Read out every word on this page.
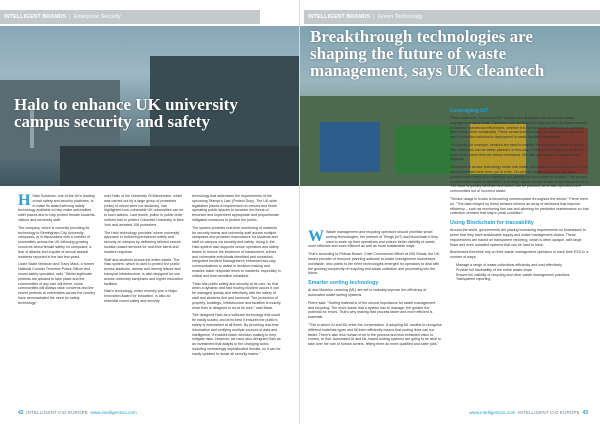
INTELLIGENT BRANDS | Enterprise Security
Halo to enhance UK university campus security and safety

H Halo Solutions, one of the UK's leading crowd safety and security platforms, is to make its award-winning safety technology available to help make universities safer places and to help protect female students, visitors and university staff.

The company, which is currently providing its technology to Birmingham City University campuses, is in discussions with a number of universities across the UK following growing concerns about female safety on campuses, a fear of attacks and a spate of sexual assault incidents reported in the last few years.

Lizzie Skate Meldrum and Tracy Mack, a former National Counter Terrorism Police Officer and crowd safety specialist, said: "Whilst legitimate protests are allowed to take place and the communities of any size will thrive, some communities will always raise concerns and the recent protests at universities across the country have demonstrated the need for safety technology."

over Halls of the University Of Manchester, which was carried out by a large group of protesters (many of whom were not students), has highlighted how vulnerable UK universities can be to such actions. Last month, police in public order uniform had to protect Columbia University in New York and arrested 108 protesters.

The Halo technology provides 'where university' approach to bolstering enhanced safety and security on campus by delivering tailored secure location-based services for real-time alerts and incident response.

Staff and students across the entire estate. The Halo system, which is used to protect the public across stadiums, arenas and among leisure and transport infrastructure, is also designed for use across university campuses and higher education facilities.

Halo's technology, which recently won a Major Innovation Award for education, is also an essential crowd safety and security

technology that addresses the requirements of the upcoming 'Martyn's Law' (Protect Duty). The UK-wide legislation places a requirement on venues and those operating public spaces to consider the threat of terrorism and implement appropriate and proportionate mitigation measures to protect the public.

The system provides real-time monitoring of incidents for security teams and university staff across multiple campuses and provides reassurance for students and staff on campus via security and safety. Using it, the Halo system also supports venue operators and safety teams to reduce the incidence of harassment, crimes and vulnerable individuals identified and contacted; Integrated Incident Management; enhanced two-way communications to assist in decision-making and enables faster response times to incidents, especially in critical and time-sensitive situations.

"Halo has public safety and security at its core, so that when a dynamic and fast moving incident occurs it can be managed quickly and effectively with the safety of staff and students first and foremost. The protection of property, buildings, infrastructure and facilities is exactly what Halo is designed to do at its core," said Mack.

"We designed Halo as a software technology that could be easily scaled, and at its best it ensures the public's safety is maintained at all times. By providing real-time information and verifying multiple sources of data and intelligence, it enables faster decision-making to help mitigate risks. However, we have also designed Halo as an investment that adapts to the changing world, including increasingly sophisticated threats, so it can be easily updated to assist all security teams."

42 INTELLIGENT CIO EUROPE www.intelligentcio.com
INTELLIGENT BRANDS | Green Technology
Breakthrough technologies are shaping the future of waste management, says UK cleantech

W Waste management and recycling operators should prioritise smart sorting technologies, the Internet of Things (IoT) and blockchain if they want to scale up their operations and ensure better visibility of waste, more effective and more efficient as well as more sustainable ways.

That's according to Pelican Bower, Chief Commercial Officer at ISB Global, the UK-based provider of resource planning software to waste management businesses worldwide, who points to the three technologies emerged for operators to deal with the growing complexity of recycling and waste collection and processing into the future.

Smarter sorting technology

AI and Machine Learning (ML) are set to radically improve the efficiency of automated waste sorting systems.

Pierre said: "Sorting material is of the utmost importance for waste management and recycling. The more waste that a system has to manage, the greater the potential for errors. That's why making that process faster and more efficient is essential.

"This is where AI and ML enter the conversation. If adopting ML models to recognise different materials types and fill them efficiently means that sorting lines can run faster. There's also less human error in the process and less extracted value to control, to that. Automated AI and ML-based sorting systems are going to be able to take over the role of human sorters, letting them do more qualified and safer jobs."

Leveraging IoT

Pierre continued: "Connected IoT sensors are already in use across the waste management value chain. Operators use the real-time data provided by these sensors to improve operational efficiencies, whether it is by improving collections or planning their routes more sustainably. These sensors send across the value chain, from their use in collection vehicles to deployment in waste facilities themselves.

"In Norway, for example, sensors are used to monitor the amount of waste in bins so that collections can be better planned. In this way, collections are kept to a minimum, while at the same time we reduce emissions. We also use waste is collected more regularly.

"Advances in sensor technology mean that waste companies can also detect when the wrong materials have been put in a bin. On-vehicle images recognise and have contamination before it is collected and identify the bins where its location. The correct contaminated waste is identified, or at least, allows on-site to see which data a bin is in. The issue is quickly identified and action can be planned, so to take operators and communities out of incorrect waste.

"Sensor usage in trucks is becoming commonplace throughout the sector," Pierre went on. "The data relayed by these sensors informs an array of decisions that improve efficiency – such as monitoring fuel use and allowing for predictive maintenance so that collection vehicles that stay in peak condition."

Using Blockchain for traceability

Around the world, governments are placing increasing requirements on businesses to prove that they have sustainable supply and waste management chains. These requirements are based on transparent reporting, which is often opaque, with large flows and even outdated systems that can be hard to track.

Businesses therefore rely on their waste management operators to track their ESG in a number of ways:

• Manage a range of waste collections efficiently and cost-effectively
• Provide full traceability of the entire waste chain
• Ensure full visibility of recycling and other waste management practices
• Transparent reporting
www.intelligentcio.com INTELLIGENT CIO EUROPE 43
